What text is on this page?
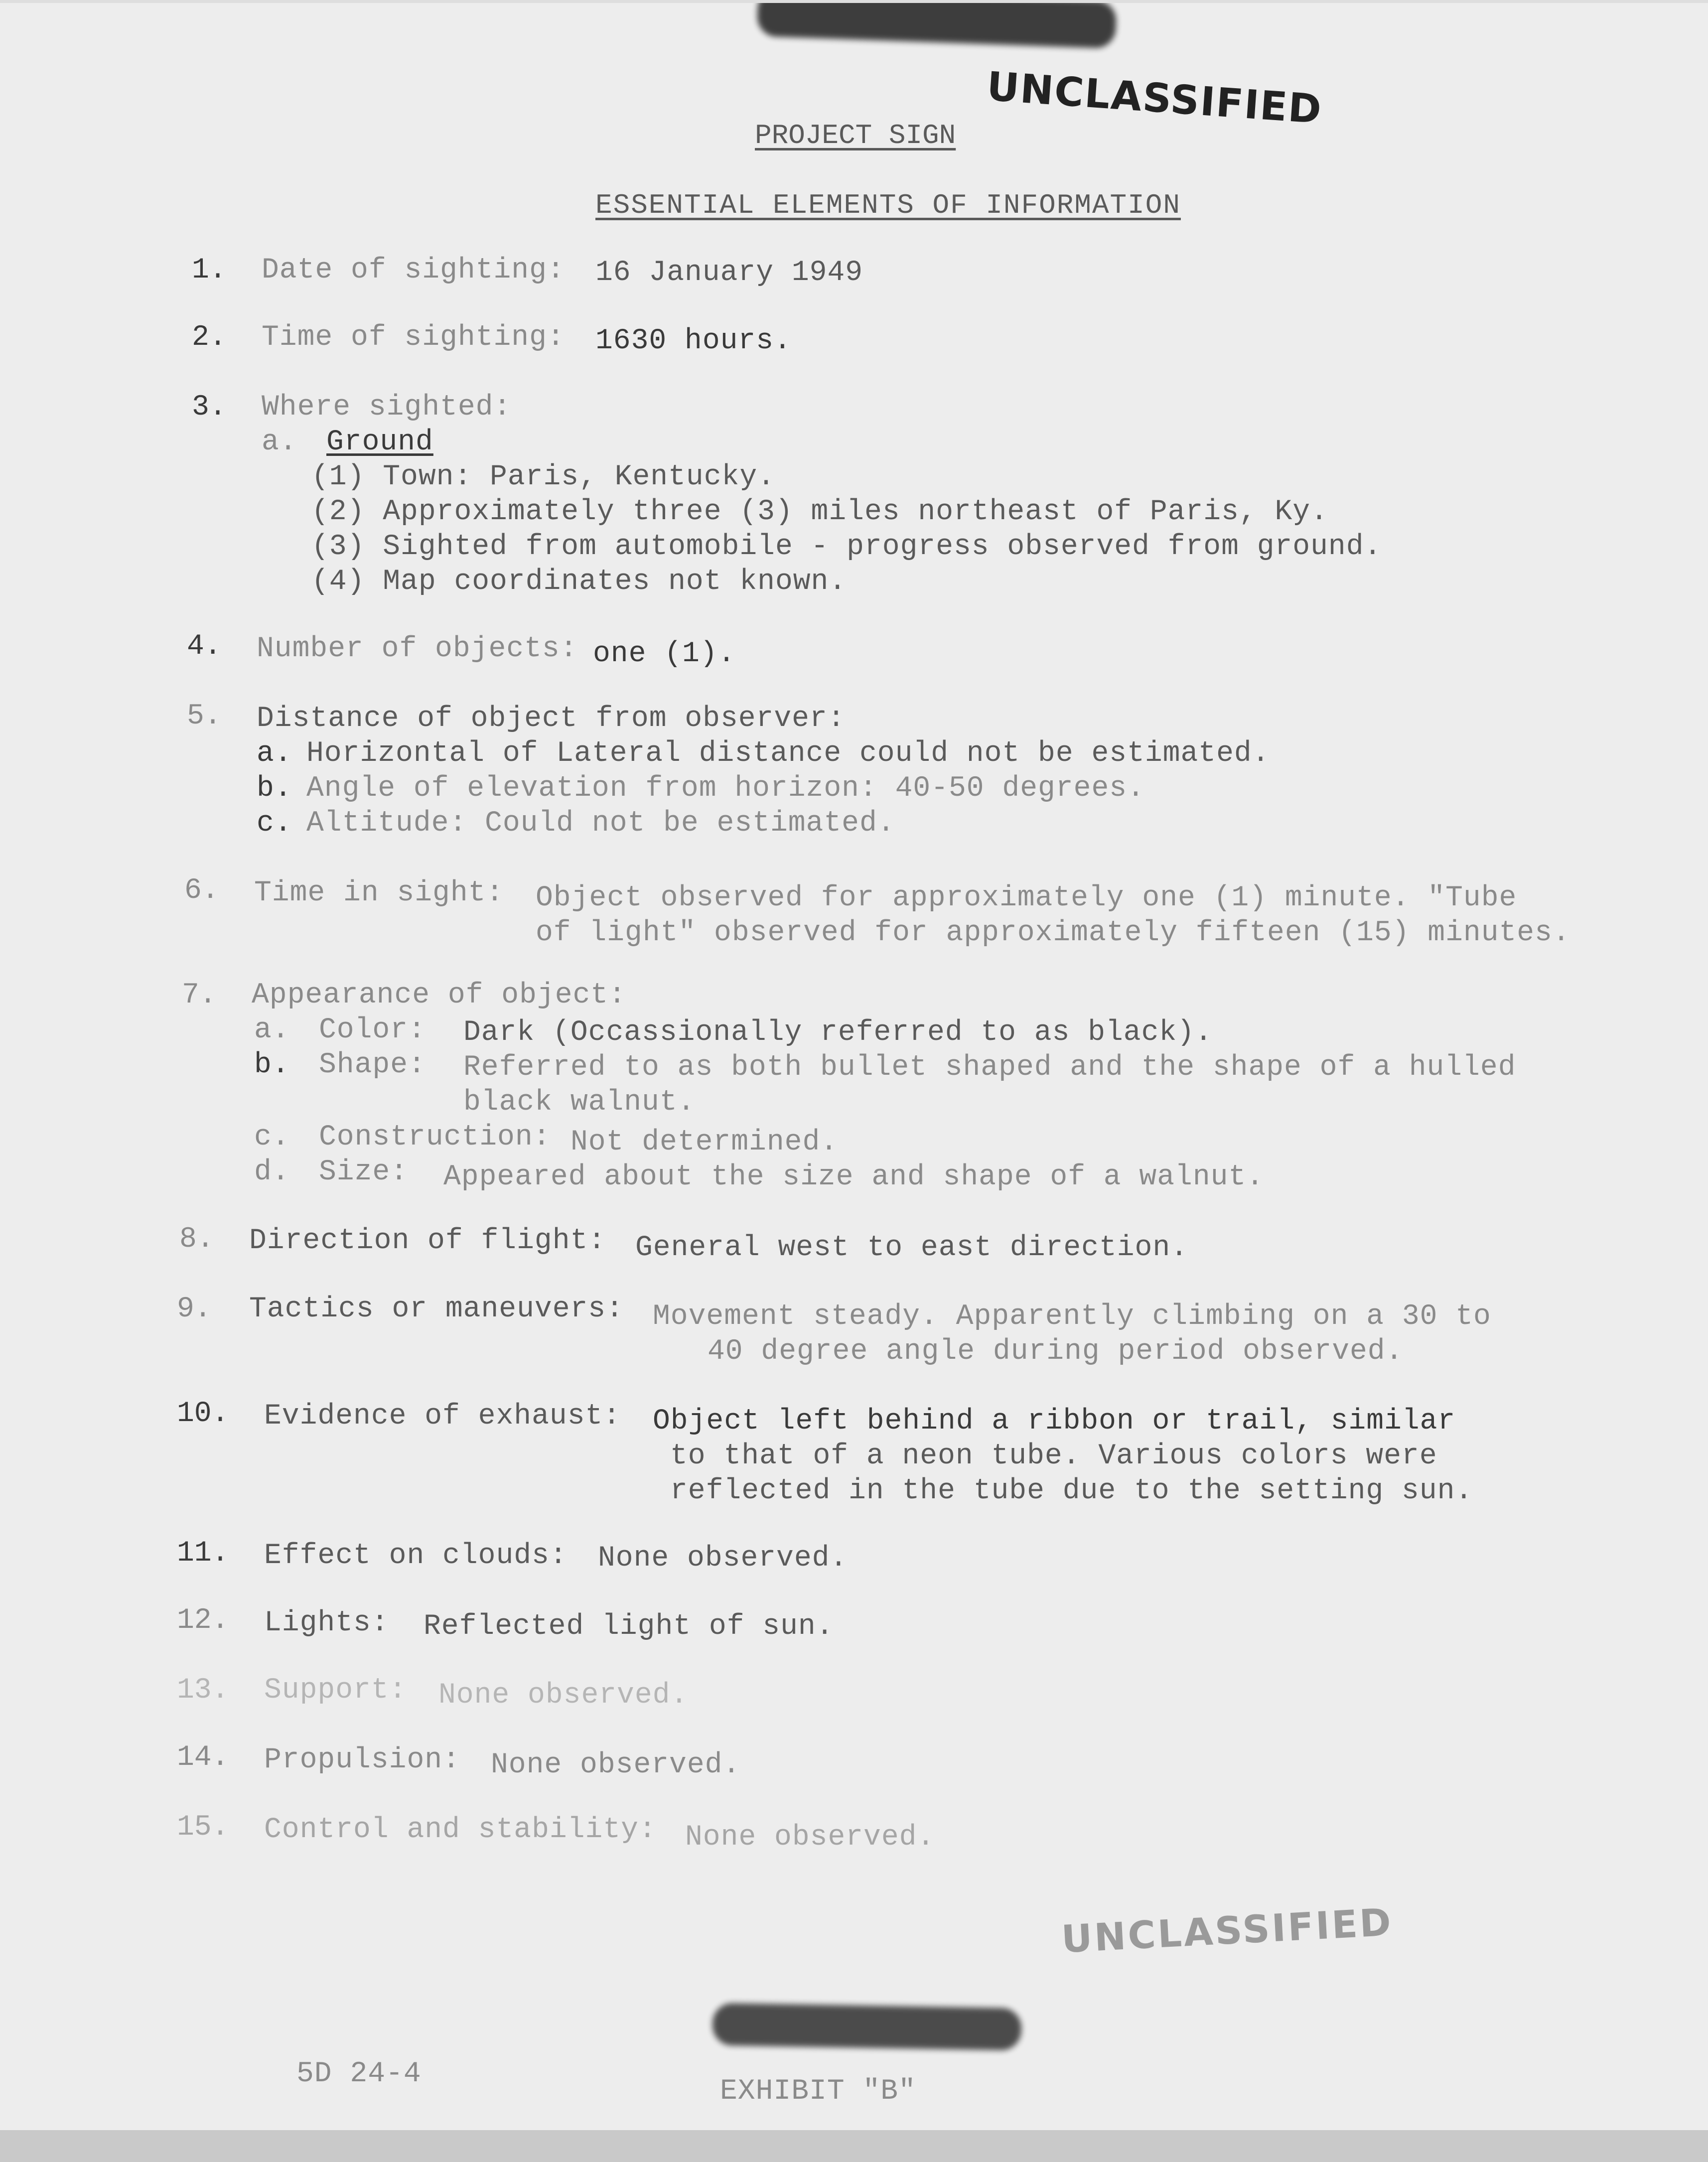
UNCLASSIFIED
PROJECT SIGN
ESSENTIAL ELEMENTS OF INFORMATION
1. Date of sighting: 16 January 1949
2. Time of sighting: 1630 hours.
3. Where sighted:
a. Ground
(1) Town: Paris, Kentucky.
(2) Approximately three (3) miles northeast of Paris, Ky.
(3) Sighted from automobile - progress observed from ground.
(4) Map coordinates not known.
4. Number of objects: one (1).
5. Distance of object from observer:
a. Horizontal of Lateral distance could not be estimated.
b. Angle of elevation from horizon: 40-50 degrees.
c. Altitude: Could not be estimated.
6. Time in sight: Object observed for approximately one (1) minute. "Tube
of light" observed for approximately fifteen (15) minutes.
7. Appearance of object:
a. Color: Dark (Occassionally referred to as black).
b. Shape: Referred to as both bullet shaped and the shape of a hulled
black walnut.
c. Construction: Not determined.
d. Size: Appeared about the size and shape of a walnut.
8. Direction of flight: General west to east direction.
9. Tactics or maneuvers: Movement steady. Apparently climbing on a 30 to
40 degree angle during period observed.
10. Evidence of exhaust: Object left behind a ribbon or trail, similar
to that of a neon tube. Various colors were
reflected in the tube due to the setting sun.
11. Effect on clouds: None observed.
12. Lights: Reflected light of sun.
13. Support: None observed.
14. Propulsion: None observed.
15. Control and stability: None observed.
UNCLASSIFIED
5D 24-4
EXHIBIT "B"
